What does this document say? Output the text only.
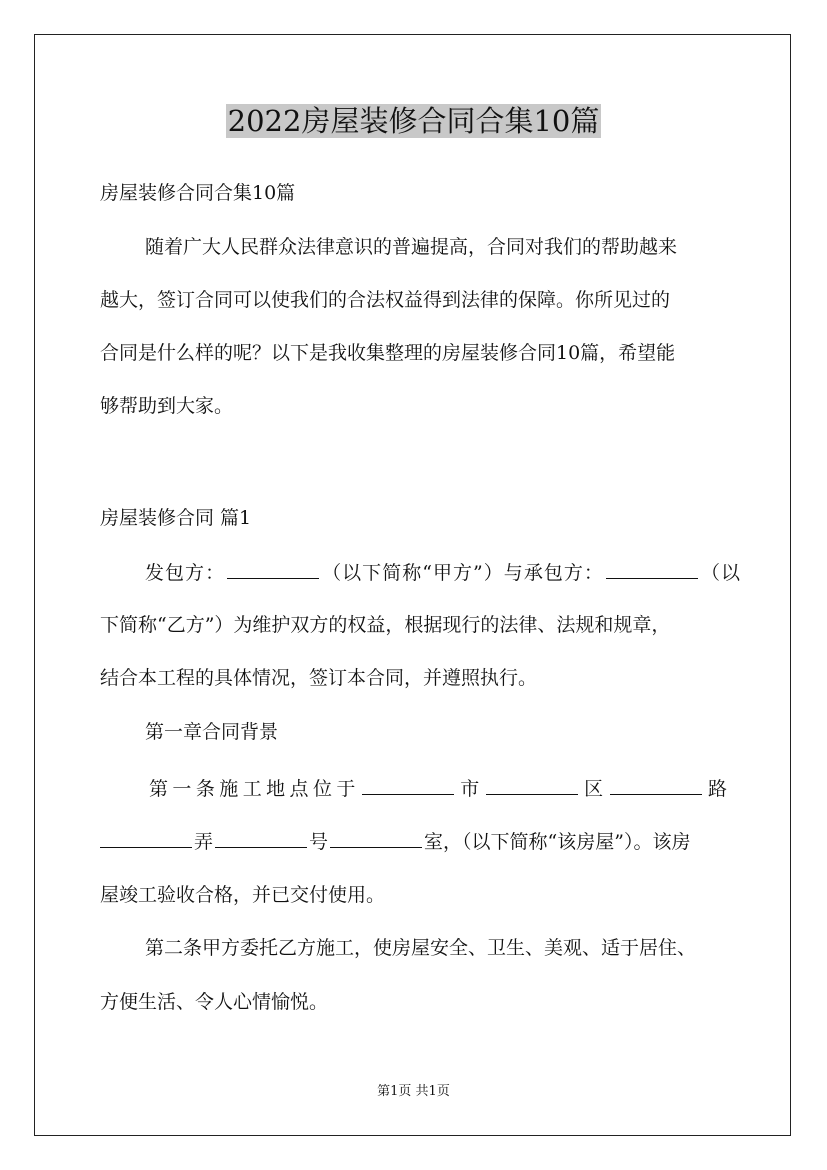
2022房屋装修合同合集10篇

房屋装修合同合集10篇

随着广大人民群众法律意识的普遍提高，合同对我们的帮助越来

越大，签订合同可以使我们的合法权益得到法律的保障。你所见过的

合同是什么样的呢？以下是我收集整理的房屋装修合同10篇，希望能

够帮助到大家。

房屋装修合同 篇1

发包方：	（以下简称“甲方”）与承包方：	（以

下简称“乙方”）为维护双方的权益，根据现行的法律、法规和规章，

结合本工程的具体情况，签订本合同，并遵照执行。

第一章合同背景

第一条施工地点位于	市	区	路

弄	号	室，（以下简称“该房屋”）。该房

屋竣工验收合格，并已交付使用。

第二条甲方委托乙方施工，使房屋安全、卫生、美观、适于居住、

方便生活、令人心情愉悦。

第1页 共1页
